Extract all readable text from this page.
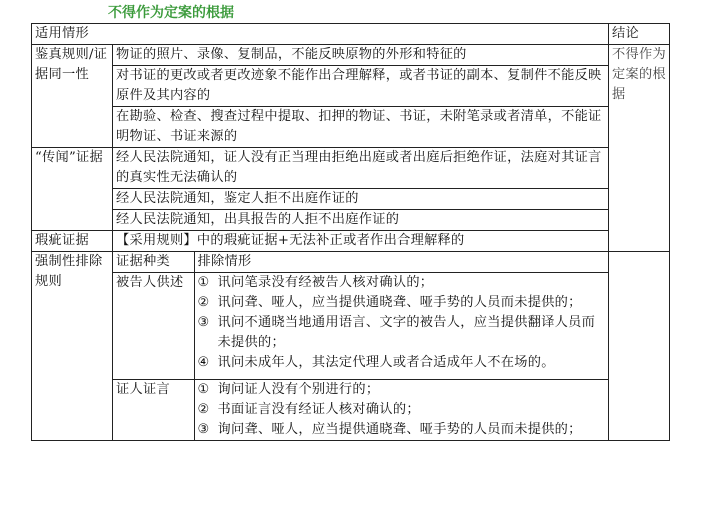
不得作为定案的根据
适用情形	结论
鉴真规则/证据同一性	物证的照片、录像、复制品，不能反映原物的外形和特征的	不得作为定案的根据
对书证的更改或者更改迹象不能作出合理解释，或者书证的副本、复制件不能反映原件及其内容的
在勘验、检查、搜查过程中提取、扣押的物证、书证，未附笔录或者清单，不能证明物证、书证来源的
“传闻”证据	经人民法院通知，证人没有正当理由拒绝出庭或者出庭后拒绝作证，法庭对其证言的真实性无法确认的
经人民法院通知，鉴定人拒不出庭作证的
经人民法院通知，出具报告的人拒不出庭作证的
瑕疵证据	【采用规则】中的瑕疵证据+无法补正或者作出合理解释的
强制性排除规则	
证据种类	排除情形
被告人供述	① 讯问笔录没有经被告人核对确认的；
② 讯问聋、哑人，应当提供通晓聋、哑手势的人员而未提供的；
③ 讯问不通晓当地通用语言、文字的被告人，应当提供翻译人员而未提供的；
④ 讯问未成年人，其法定代理人或者合适成年人不在场的。

证人证言	① 询问证人没有个别进行的；
② 书面证言没有经证人核对确认的；
③ 询问聋、哑人，应当提供通晓聋、哑手势的人员而未提供的；
